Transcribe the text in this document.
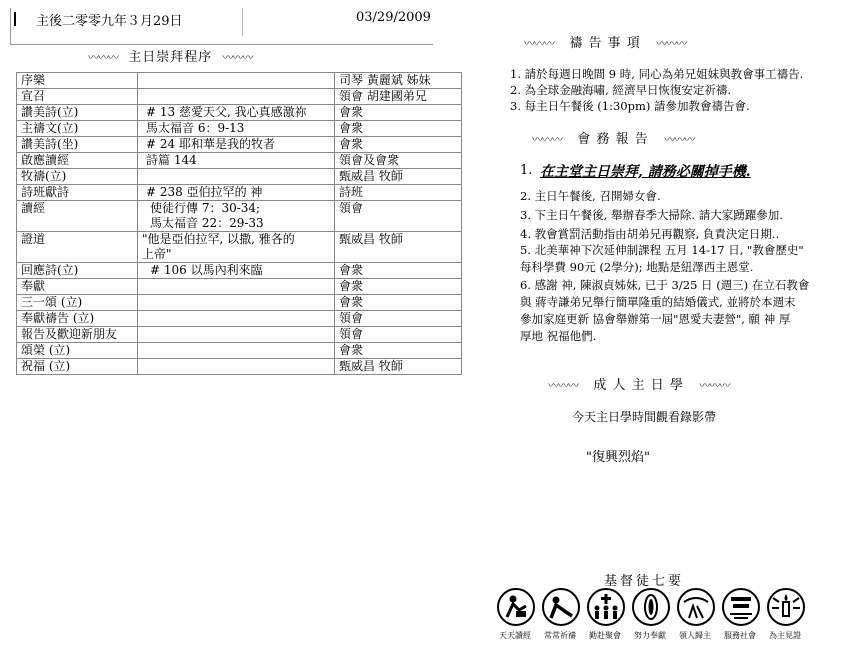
主後二零零九年３月29日	03/29/2009
〰〰〰 主日崇拜程序 〰〰〰
序樂		司琴 黃麗斌 姊妹
宣召		領會 胡建國弟兄
讚美詩(立)	# 13 慈愛天父, 我心真感激祢	會衆
主禱文(立)	馬太福音 6：9-13	會衆
讚美詩(坐)	# 24 耶和華是我的牧者	會衆
啟應讀經	詩篇 144	領會及會衆
牧禱(立)		甄威昌 牧師
詩班獻詩	# 238 亞伯拉罕的 神	詩班
讀經	使徒行傳 7：30-34;
馬太福音 22：29-33	領會
證道	"他是亞伯拉罕, 以撒, 雅各的
上帝"	甄威昌 牧師
回應詩(立)	# 106 以馬內利來臨	會衆
奉獻		會衆
三一頌 (立)		會衆
奉獻禱告 (立)		領會
報告及歡迎新朋友		領會
頌榮 (立)		會衆
祝福 (立)		甄威昌 牧師
〰〰〰 禱 告 事 項 〰〰〰
1. 請於每週日晚間 9 時, 同心為弟兄姐妹與教會事工禱告.
2. 為全球金融海嘯, 經濟早日恢復安定祈禱.
3. 每主日午餐後 (1:30pm) 請參加教會禱告會.
〰〰〰 會 務 報 告 〰〰〰
1. 在主堂主日崇拜, 請務必關掉手機.
2. 主日午餐後, 召開婦女會.
3. 下主日午餐後, 舉辦春季大掃除. 請大家踴躍參加.
4. 教會賞罰活動指由胡弟兄再觀察, 負責決定日期..
5. 北美華神下次延伸制課程 五月 14-17 日, "教會歷史"
每科學費 90元 (2學分); 地點是紐澤西主恩堂.
6. 感謝 神, 陳淑貞姊妹, 已于 3/25 日 (週三) 在立石教會
與 蔣寺謙弟兄舉行簡單隆重的結婚儀式, 並將於本週末
參加家庭更新 協會舉辦第一屆"恩愛夫妻營", 願 神 厚
厚地 祝福他們.
〰〰〰 成 人 主 日 學 〰〰〰
今天主日學時間觀看錄影帶
"復興烈焰"
基督徒七要
天天讀經 常常祈禱 勤赴聚會 努力奉獻 領人歸主 服務社會 為主見證
